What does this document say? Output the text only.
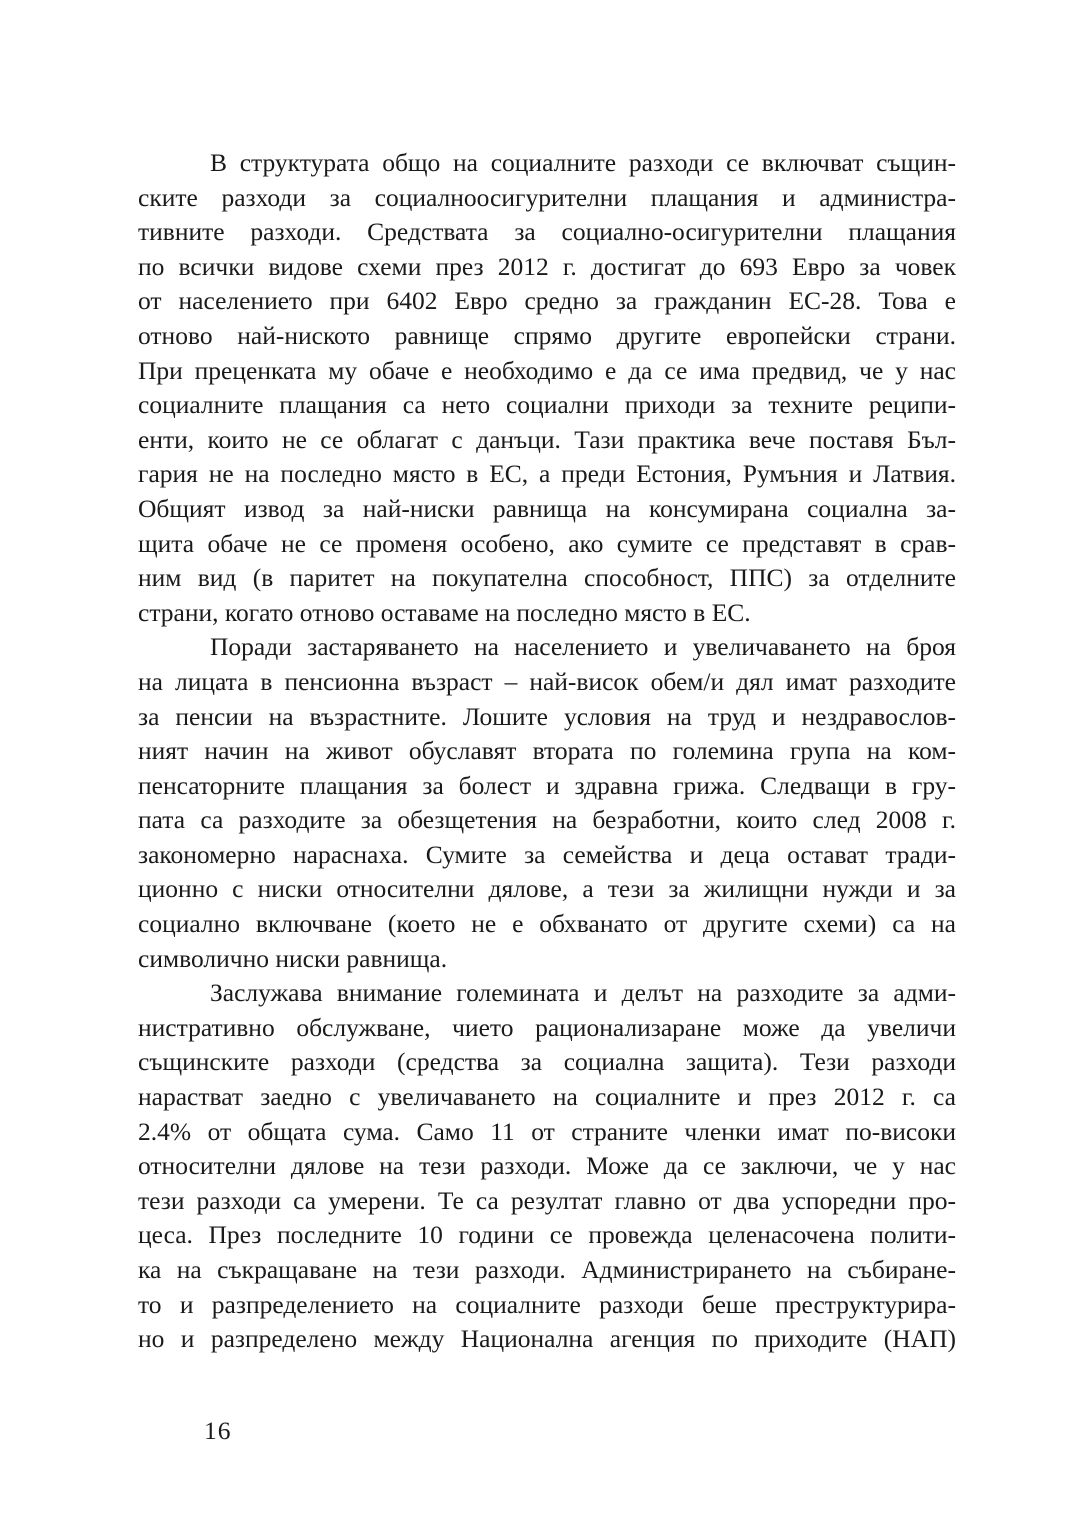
В структурата общо на социалните разходи се включват същин-
ските разходи за социалноосигурителни плащания и администра-
тивните разходи. Средствата за социално-осигурителни плащания
по всички видове схеми през 2012 г. достигат до 693 Евро за човек
от населението при 6402 Евро средно за гражданин ЕС-28. Това е
отново най-ниското равнище спрямо другите европейски страни.
При преценката му обаче е необходимо е да се има предвид, че у нас
социалните плащания са нето социални приходи за техните реципи-
енти, които не се облагат с данъци. Тази практика вече поставя Бъл-
гария не на последно място в ЕС, а преди Естония, Румъния и Латвия.
Общият извод за най-ниски равнища на консумирана социална за-
щита обаче не се променя особено, ако сумите се представят в срав-
ним вид (в паритет на покупателна способност, ППС) за отделните
страни, когато отново оставаме на последно място в ЕС.
Поради застаряването на населението и увеличаването на броя
на лицата в пенсионна възраст – най-висок обем/и дял имат разходите
за пенсии на възрастните. Лошите условия на труд и нездравослов-
ният начин на живот обуславят втората по големина група на ком-
пенсаторните плащания за болест и здравна грижа. Следващи в гру-
пата са разходите за обезщетения на безработни, които след 2008 г.
закономерно нараснаха. Сумите за семейства и деца остават тради-
ционно с ниски относителни дялове, а тези за жилищни нужди и за
социално включване (което не е обхванато от другите схеми) са на
символично ниски равнища.
Заслужава внимание големината и делът на разходите за адми-
нистративно обслужване, чието рационализаране може да увеличи
същинските разходи (средства за социална защита). Тези разходи
нарастват заедно с увеличаването на социалните и през 2012 г. са
2.4% от общата сума. Само 11 от страните членки имат по-високи
относителни дялове на тези разходи. Може да се заключи, че у нас
тези разходи са умерени. Те са резултат главно от два успоредни про-
цеса. През последните 10 години се провежда целенасочена полити-
ка на съкращаване на тези разходи. Администрирането на събиране-
то и разпределението на социалните разходи беше преструктурира-
но и разпределено между Национална агенция по приходите (НАП)
16
